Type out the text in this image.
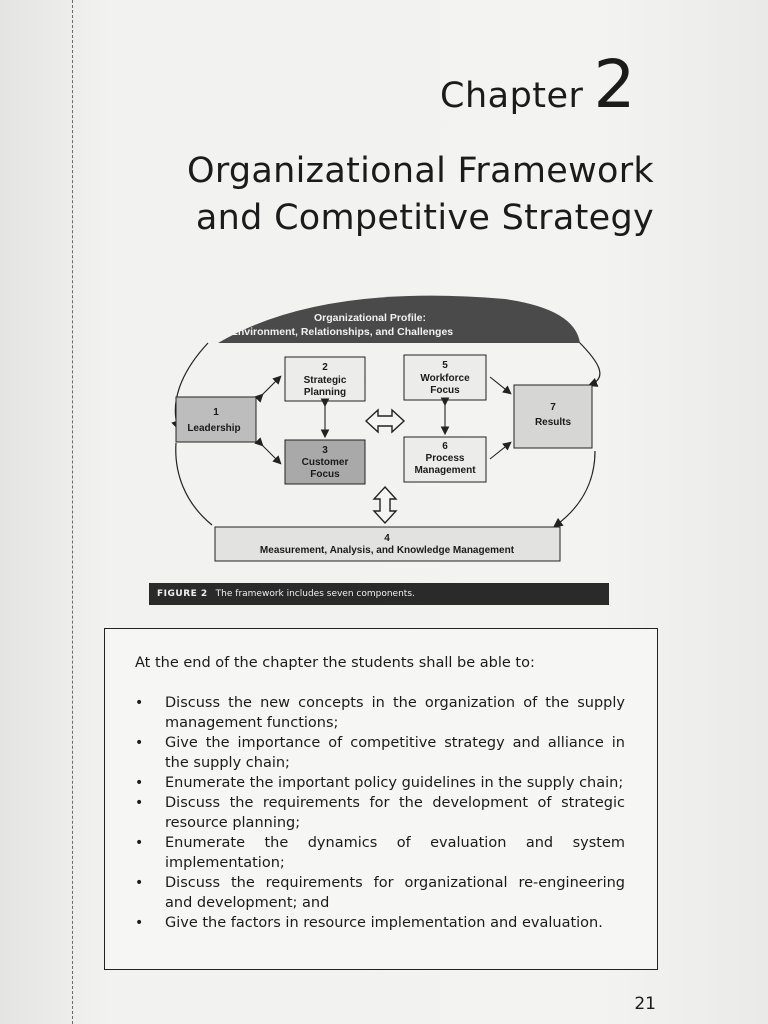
Chapter 2
Organizational Framework
and Competitive Strategy
Organizational Profile:
Environment, Relationships, and Challenges
1
Leadership
2
Strategic
Planning
3
Customer
Focus
5
Workforce
Focus
6
Process
Management
7
Results
4
Measurement, Analysis, and Knowledge Management
FIGURE 2 The framework includes seven components.

At the end of the chapter the students shall be able to:

• Discuss the new concepts in the organization of the supply management functions;
• Give the importance of competitive strategy and alliance in the supply chain;
• Enumerate the important policy guidelines in the supply chain;
• Discuss the requirements for the development of strategic resource planning;
• Enumerate the dynamics of evaluation and system implementation;
• Discuss the requirements for organizational re-engineering and development; and
• Give the factors in resource implementation and evaluation.
21
